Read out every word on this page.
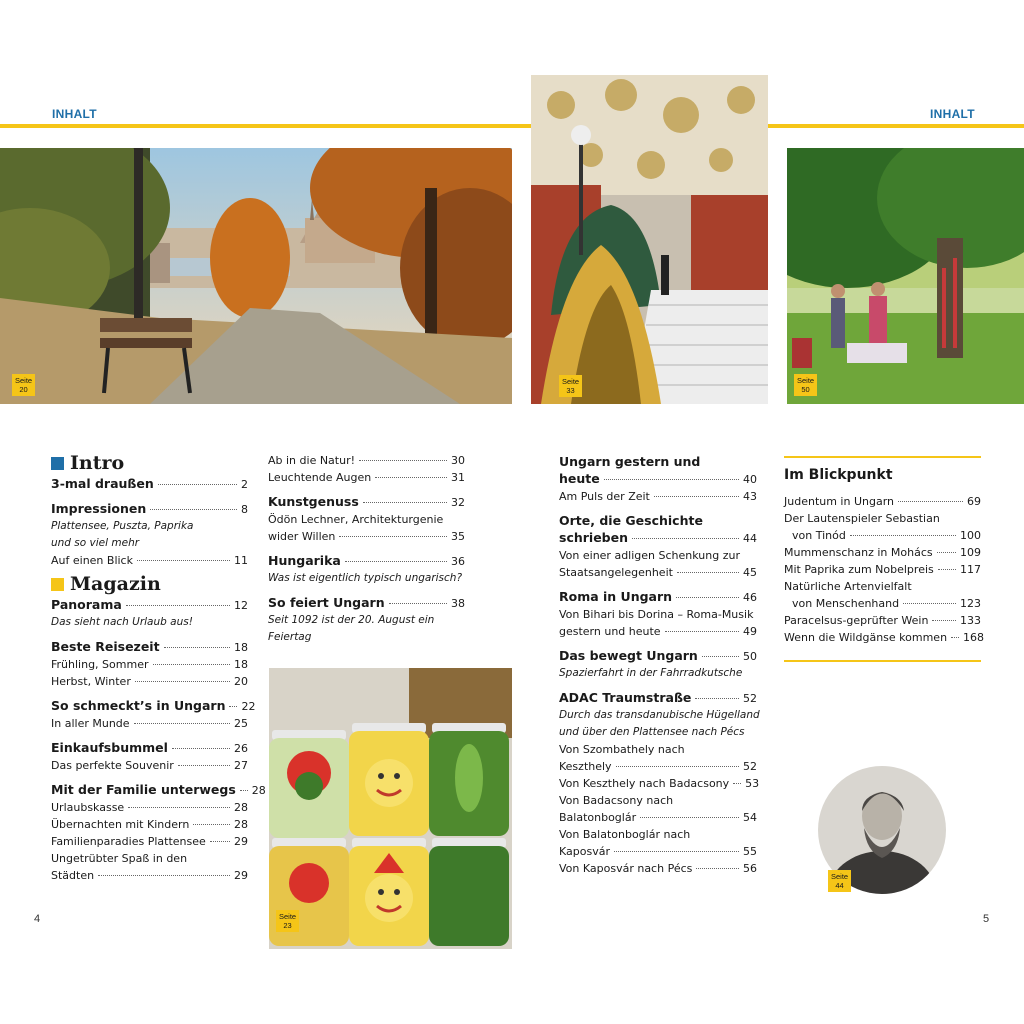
INHALT	INHALT
Seite
20
Seite
33
Seite
50
Seite
23
Seite
44
Intro
3-mal draußen	2
Impressionen	8
Plattensee, Puszta, Paprika
und so viel mehr
Auf einen Blick	11
Magazin
Panorama	12
Das sieht nach Urlaub aus!
Beste Reisezeit	18
Frühling, Sommer	18
Herbst, Winter	20
So schmeckt’s in Ungarn 22
In aller Munde	25
Einkaufsbummel	26
Das perfekte Souvenir	27
Mit der Familie unterwegs 28
Urlaubskasse	28
Übernachten mit Kindern	28
Familienparadies Plattensee	29
Ungetrübter Spaß in den
Städten	29
Ab in die Natur!	30
Leuchtende Augen	31
Kunstgenuss	32
Ödön Lechner, Architekturgenie
wider Willen	35
Hungarika	36
Was ist eigentlich typisch ungarisch?
So feiert Ungarn	38
Seit 1092 ist der 20. August ein
Feiertag
Ungarn gestern und
heute	40
Am Puls der Zeit	43
Orte, die Geschichte
schrieben	44
Von einer adligen Schenkung zur
Staatsangelegenheit	45
Roma in Ungarn	46
Von Bihari bis Dorina – Roma-Musik
gestern und heute	49
Das bewegt Ungarn	50
Spazierfahrt in der Fahrradkutsche
ADAC Traumstraße	52
Durch das transdanubische Hügelland
und über den Plattensee nach Pécs
Von Szombathely nach
Keszthely	52
Von Keszthely nach Badacsony 53
Von Badacsony nach
Balatonboglár	54
Von Balatonboglár nach
Kaposvár	55
Von Kaposvár nach Pécs	56
Im Blickpunkt
Judentum in Ungarn	69
Der Lautenspieler Sebastian
von Tinód	100
Mummenschanz in Mohács 109
Mit Paprika zum Nobelpreis 117
Natürliche Artenvielfalt
von Menschenhand	123
Paracelsus-geprüfter Wein	133
Wenn die Wildgänse kommen 168
4	5
